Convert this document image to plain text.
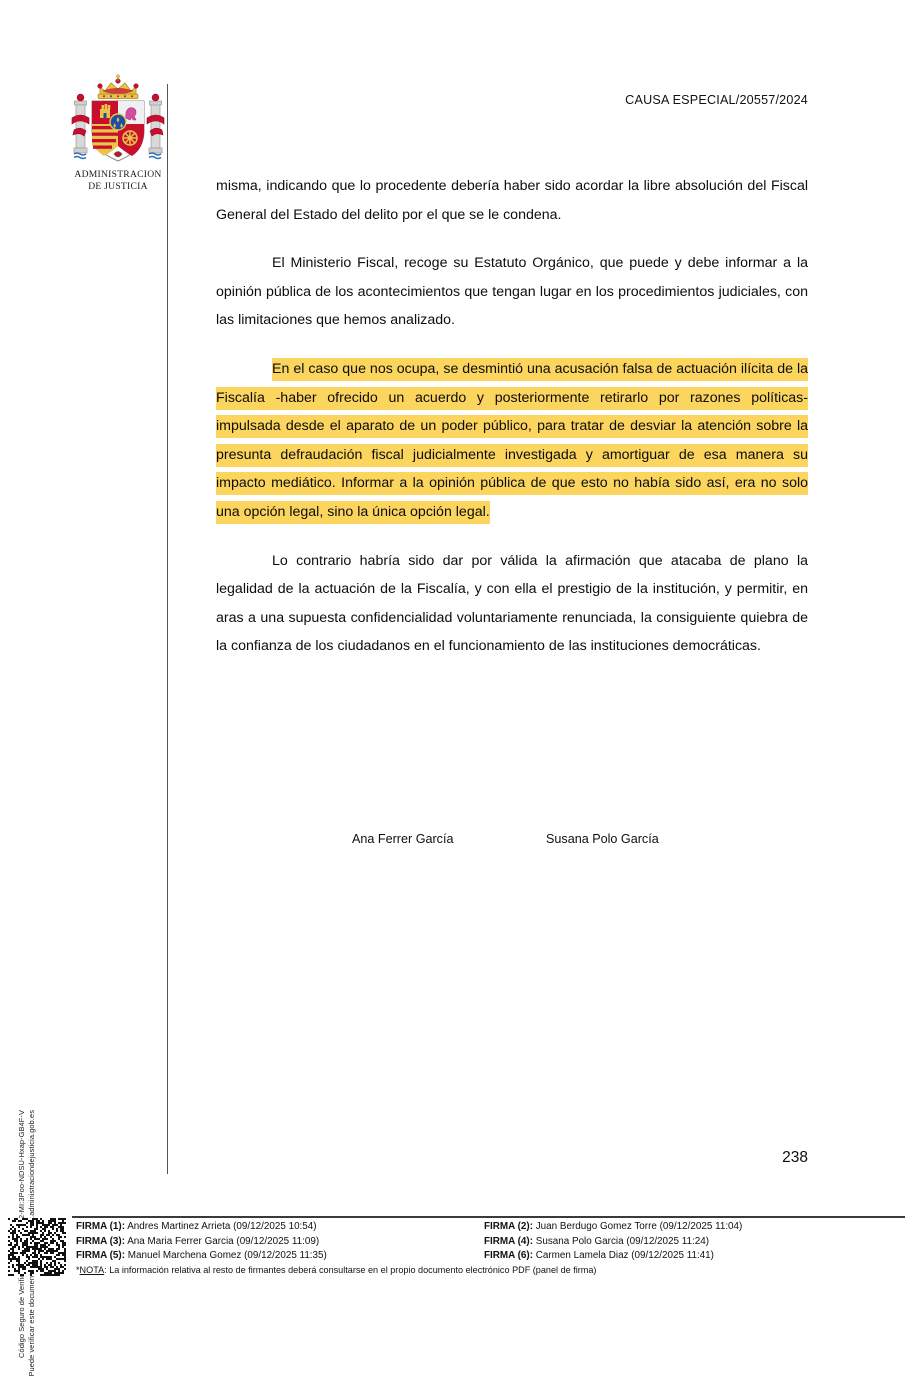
ADMINISTRACION
DE JUSTICIA
CAUSA ESPECIAL/20557/2024

misma, indicando que lo procedente debería haber sido acordar la libre absolución del Fiscal General del Estado del delito por el que se le condena.

El Ministerio Fiscal, recoge su Estatuto Orgánico, que puede y debe informar a la opinión pública de los acontecimientos que tengan lugar en los procedimientos judiciales, con las limitaciones que hemos analizado.

En el caso que nos ocupa, se desmintió una acusación falsa de actuación ilícita de la Fiscalía -haber ofrecido un acuerdo y posteriormente retirarlo por razones políticas- impulsada desde el aparato de un poder público, para tratar de desviar la atención sobre la presunta defraudación fiscal judicialmente investigada y amortiguar de esa manera su impacto mediático. Informar a la opinión pública de que esto no había sido así, era no solo una opción legal, sino la única opción legal.

Lo contrario habría sido dar por válida la afirmación que atacaba de plano la legalidad de la actuación de la Fiscalía, y con ella el prestigio de la institución, y permitir, en aras a una supuesta confidencialidad voluntariamente renunciada, la consiguiente quiebra de la confianza de los ciudadanos en el funcionamiento de las instituciones democráticas.

Ana Ferrer García	Susana Polo García
238
FIRMA (1): Andres Martinez Arrieta (09/12/2025 10:54)
FIRMA (3): Ana Maria Ferrer Garcia (09/12/2025 11:09)
FIRMA (5): Manuel Marchena Gomez (09/12/2025 11:35)
FIRMA (2): Juan Berdugo Gomez Torre (09/12/2025 11:04)
FIRMA (4): Susana Polo Garcia (09/12/2025 11:24)
FIRMA (6): Carmen Lamela Diaz (09/12/2025 11:41)
*NOTA: La información relativa al resto de firmantes deberá consultarse en el propio documento electrónico PDF (panel de firma)
